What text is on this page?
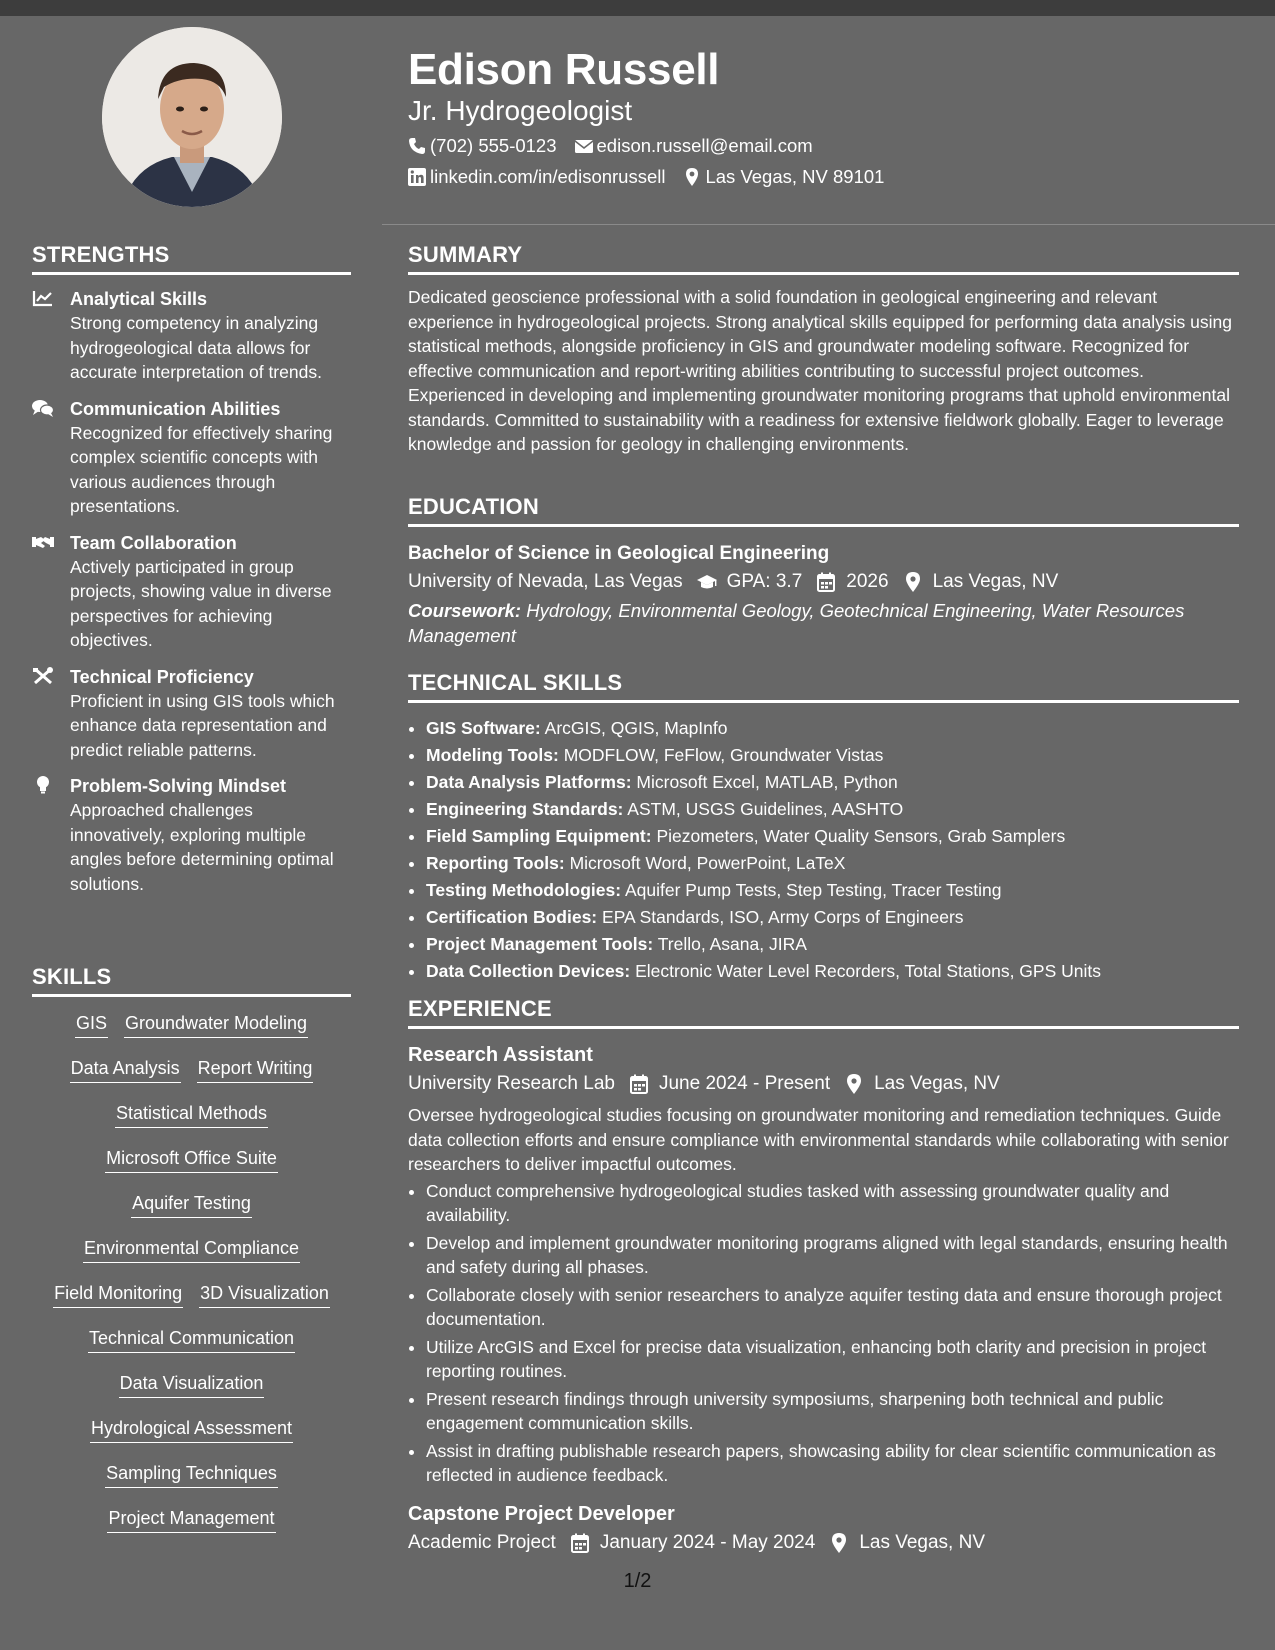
STRENGTHS
Analytical Skills
Strong competency in analyzing hydrogeological data allows for accurate interpretation of trends.
Communication Abilities
Recognized for effectively sharing complex scientific concepts with various audiences through presentations.
Team Collaboration
Actively participated in group projects, showing value in diverse perspectives for achieving objectives.
Technical Proficiency
Proficient in using GIS tools which enhance data representation and predict reliable patterns.
Problem-Solving Mindset
Approached challenges innovatively, exploring multiple angles before determining optimal solutions.
SKILLS
GIS Groundwater Modeling
Data Analysis Report Writing
Statistical Methods
Microsoft Office Suite
Aquifer Testing
Environmental Compliance
Field Monitoring 3D Visualization
Technical Communication
Data Visualization
Hydrological Assessment
Sampling Techniques
Project Management
Edison Russell
Jr. Hydrogeologist
(702) 555-0123 edison.russell@email.com
linkedin.com/in/edisonrussell Las Vegas, NV 89101
SUMMARY
Dedicated geoscience professional with a solid foundation in geological engineering and relevant experience in hydrogeological projects. Strong analytical skills equipped for performing data analysis using statistical methods, alongside proficiency in GIS and groundwater modeling software. Recognized for effective communication and report-writing abilities contributing to successful project outcomes. Experienced in developing and implementing groundwater monitoring programs that uphold environmental standards. Committed to sustainability with a readiness for extensive fieldwork globally. Eager to leverage knowledge and passion for geology in challenging environments.
EDUCATION
Bachelor of Science in Geological Engineering
University of Nevada, Las Vegas GPA: 3.7 2026 Las Vegas, NV
Coursework: Hydrology, Environmental Geology, Geotechnical Engineering, Water Resources Management
TECHNICAL SKILLS
• GIS Software: ArcGIS, QGIS, MapInfo
• Modeling Tools: MODFLOW, FeFlow, Groundwater Vistas
• Data Analysis Platforms: Microsoft Excel, MATLAB, Python
• Engineering Standards: ASTM, USGS Guidelines, AASHTO
• Field Sampling Equipment: Piezometers, Water Quality Sensors, Grab Samplers
• Reporting Tools: Microsoft Word, PowerPoint, LaTeX
• Testing Methodologies: Aquifer Pump Tests, Step Testing, Tracer Testing
• Certification Bodies: EPA Standards, ISO, Army Corps of Engineers
• Project Management Tools: Trello, Asana, JIRA
• Data Collection Devices: Electronic Water Level Recorders, Total Stations, GPS Units
EXPERIENCE
Research Assistant
University Research Lab June 2024 - Present Las Vegas, NV
Oversee hydrogeological studies focusing on groundwater monitoring and remediation techniques. Guide data collection efforts and ensure compliance with environmental standards while collaborating with senior researchers to deliver impactful outcomes.
• Conduct comprehensive hydrogeological studies tasked with assessing groundwater quality and availability.
• Develop and implement groundwater monitoring programs aligned with legal standards, ensuring health and safety during all phases.
• Collaborate closely with senior researchers to analyze aquifer testing data and ensure thorough project documentation.
• Utilize ArcGIS and Excel for precise data visualization, enhancing both clarity and precision in project reporting routines.
• Present research findings through university symposiums, sharpening both technical and public engagement communication skills.
• Assist in drafting publishable research papers, showcasing ability for clear scientific communication as reflected in audience feedback.
Capstone Project Developer
Academic Project January 2024 - May 2024 Las Vegas, NV
1/2
